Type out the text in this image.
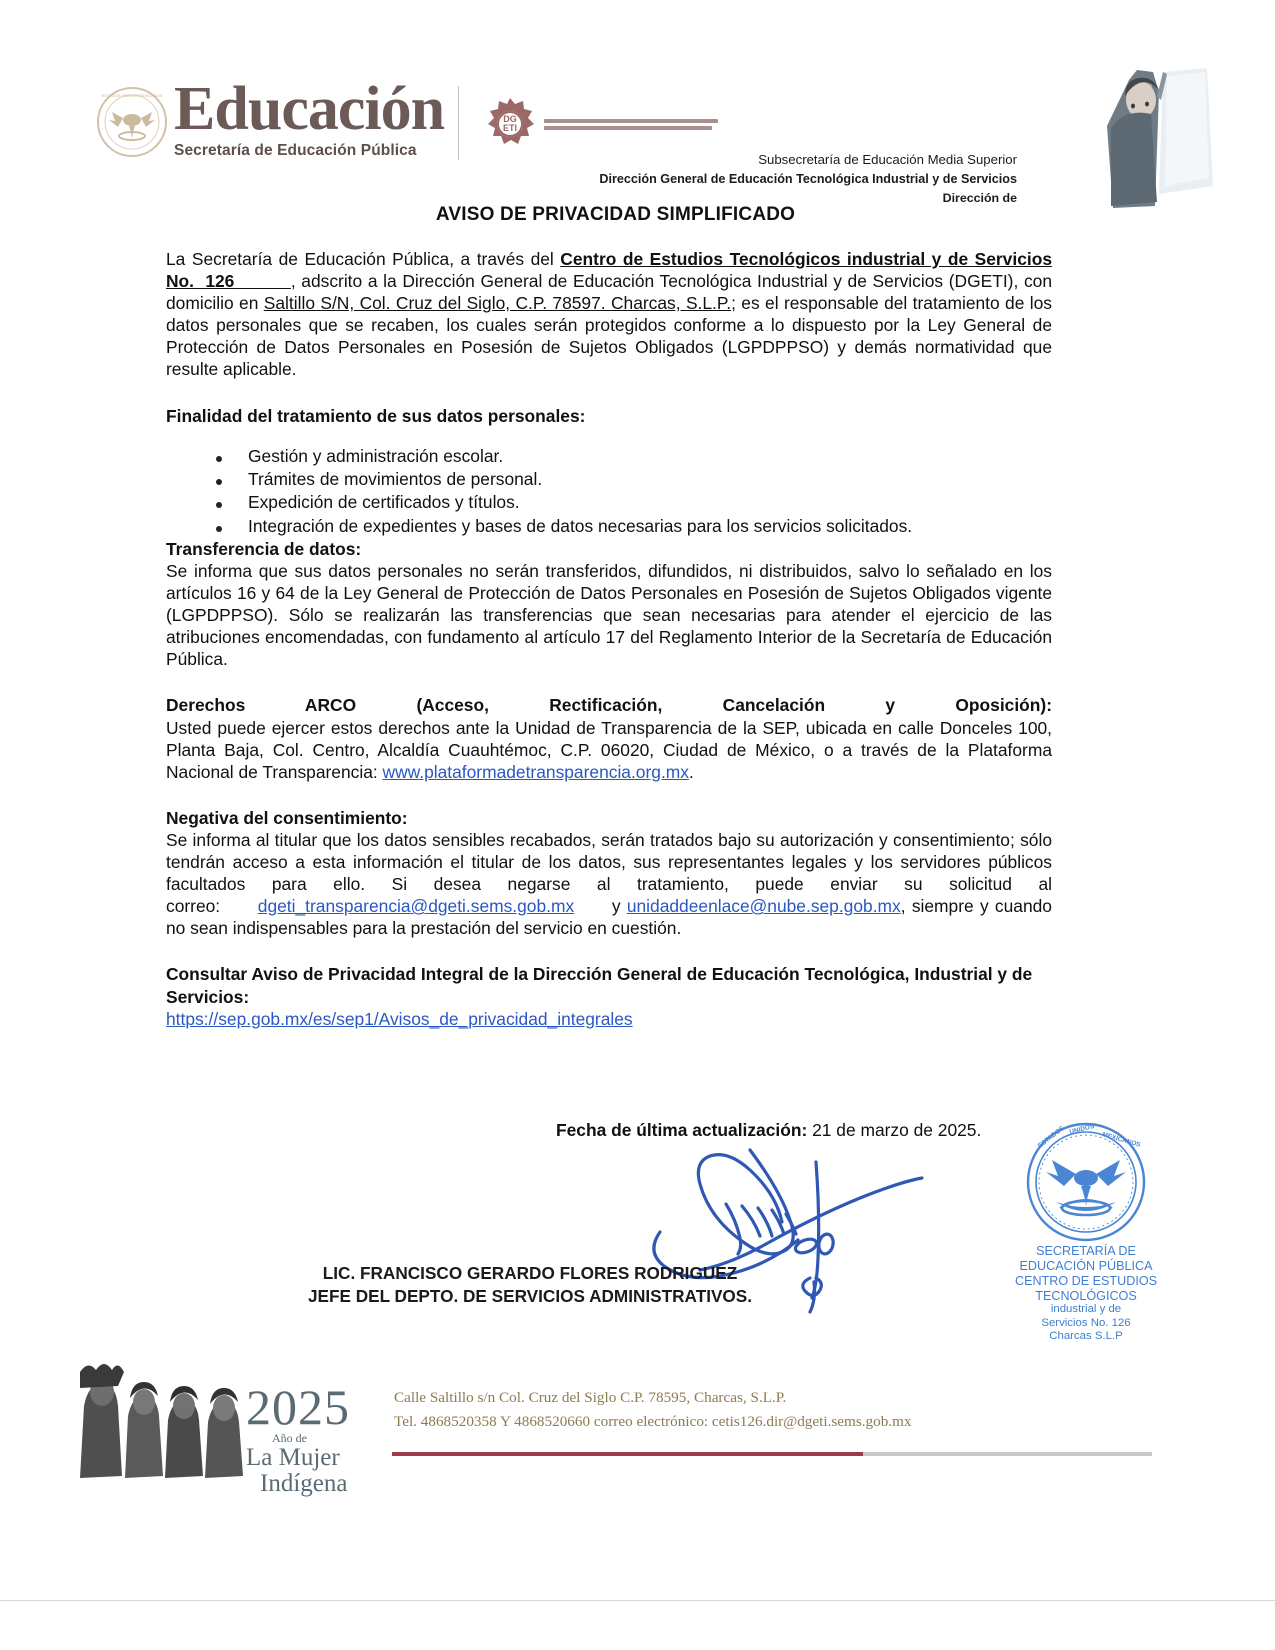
ESTADOS UNIDOS MEXICANOS Educación
Secretaría de Educación Pública
DG
ETI
Subsecretaría de Educación Media Superior
Dirección General de Educación Tecnológica Industrial y de Servicios
Dirección de
AVISO DE PRIVACIDAD SIMPLIFICADO

La Secretaría de Educación Pública, a través del Centro de Estudios Tecnológicos industrial y de Servicios No. 126	, adscrito a la Dirección General de Educación Tecnológica Industrial y de Servicios (DGETI), con domicilio en Saltillo S/N, Col. Cruz del Siglo, C.P. 78597. Charcas, S.L.P.; es el responsable del tratamiento de los datos personales que se recaben, los cuales serán protegidos conforme a lo dispuesto por la Ley General de Protección de Datos Personales en Posesión de Sujetos Obligados (LGPDPPSO) y demás normatividad que resulte aplicable.

Finalidad del tratamiento de sus datos personales:

Gestión y administración escolar.
Trámites de movimientos de personal.
Expedición de certificados y títulos.
Integración de expedientes y bases de datos necesarias para los servicios solicitados.

Transferencia de datos:

Se informa que sus datos personales no serán transferidos, difundidos, ni distribuidos, salvo lo señalado en los artículos 16 y 64 de la Ley General de Protección de Datos Personales en Posesión de Sujetos Obligados vigente (LGPDPPSO). Sólo se realizarán las transferencias que sean necesarias para atender el ejercicio de las atribuciones encomendadas, con fundamento al artículo 17 del Reglamento Interior de la Secretaría de Educación Pública.

Derechos ARCO (Acceso, Rectificación, Cancelación y Oposición):

Usted puede ejercer estos derechos ante la Unidad de Transparencia de la SEP, ubicada en calle Donceles 100, Planta Baja, Col. Centro, Alcaldía Cuauhtémoc, C.P. 06020, Ciudad de México, o a través de la Plataforma Nacional de Transparencia: www.plataformadetransparencia.org.mx.

Negativa del consentimiento:

Se informa al titular que los datos sensibles recabados, serán tratados bajo su autorización y consentimiento; sólo tendrán acceso a esta información el titular de los datos, sus representantes legales y los servidores públicos facultados para ello. Si desea negarse al tratamiento, puede enviar su solicitud al correo: dgeti_transparencia@dgeti.sems.gob.mx y unidaddeenlace@nube.sep.gob.mx, siempre y cuando no sean indispensables para la prestación del servicio en cuestión.

Consultar Aviso de Privacidad Integral de la Dirección General de Educación Tecnológica, Industrial y de Servicios:

https://sep.gob.mx/es/sep1/Avisos_de_privacidad_integrales

Fecha de última actualización: 21 de marzo de 2025.
LIC. FRANCISCO GERARDO FLORES RODRIGUEZ
JEFE DEL DEPTO. DE SERVICIOS ADMINISTRATIVOS.
ESTADOS UNIDOS
MEXICANOS
SECRETARÍA DE
EDUCACIÓN PÚBLICA
CENTRO DE ESTUDIOS
TECNOLÓGICOS
industrial y de
Servicios No. 126
Charcas S.L.P
2025
Año de
La Mujer
Indígena
Calle Saltillo s/n Col. Cruz del Siglo C.P. 78595, Charcas, S.L.P.
Tel. 4868520358 Y 4868520660 correo electrónico: cetis126.dir@dgeti.sems.gob.mx
